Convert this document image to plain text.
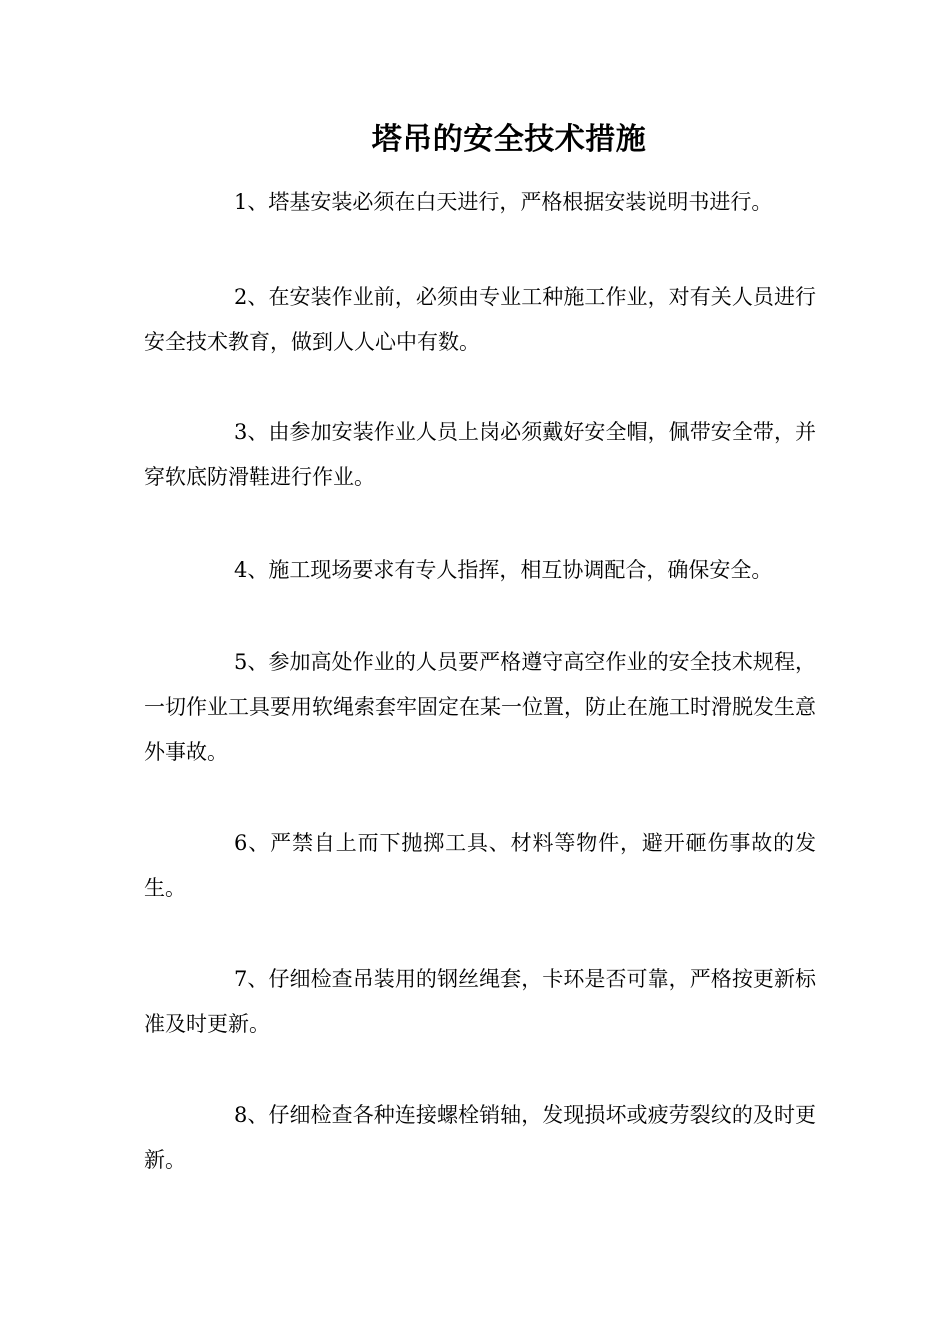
塔吊的安全技术措施

1、塔基安装必须在白天进行，严格根据安装说明书进行。

2、在安装作业前，必须由专业工种施工作业，对有关人员进行安全技术教育，做到人人心中有数。

3、由参加安装作业人员上岗必须戴好安全帽，佩带安全带，并穿软底防滑鞋进行作业。

4、施工现场要求有专人指挥，相互协调配合，确保安全。

5、参加高处作业的人员要严格遵守高空作业的安全技术规程，一切作业工具要用软绳索套牢固定在某一位置，防止在施工时滑脱发生意外事故。

6、严禁自上而下抛掷工具、材料等物件，避开砸伤事故的发生。

7、仔细检查吊装用的钢丝绳套，卡环是否可靠，严格按更新标准及时更新。

8、仔细检查各种连接螺栓销轴，发现损坏或疲劳裂纹的及时更新。
